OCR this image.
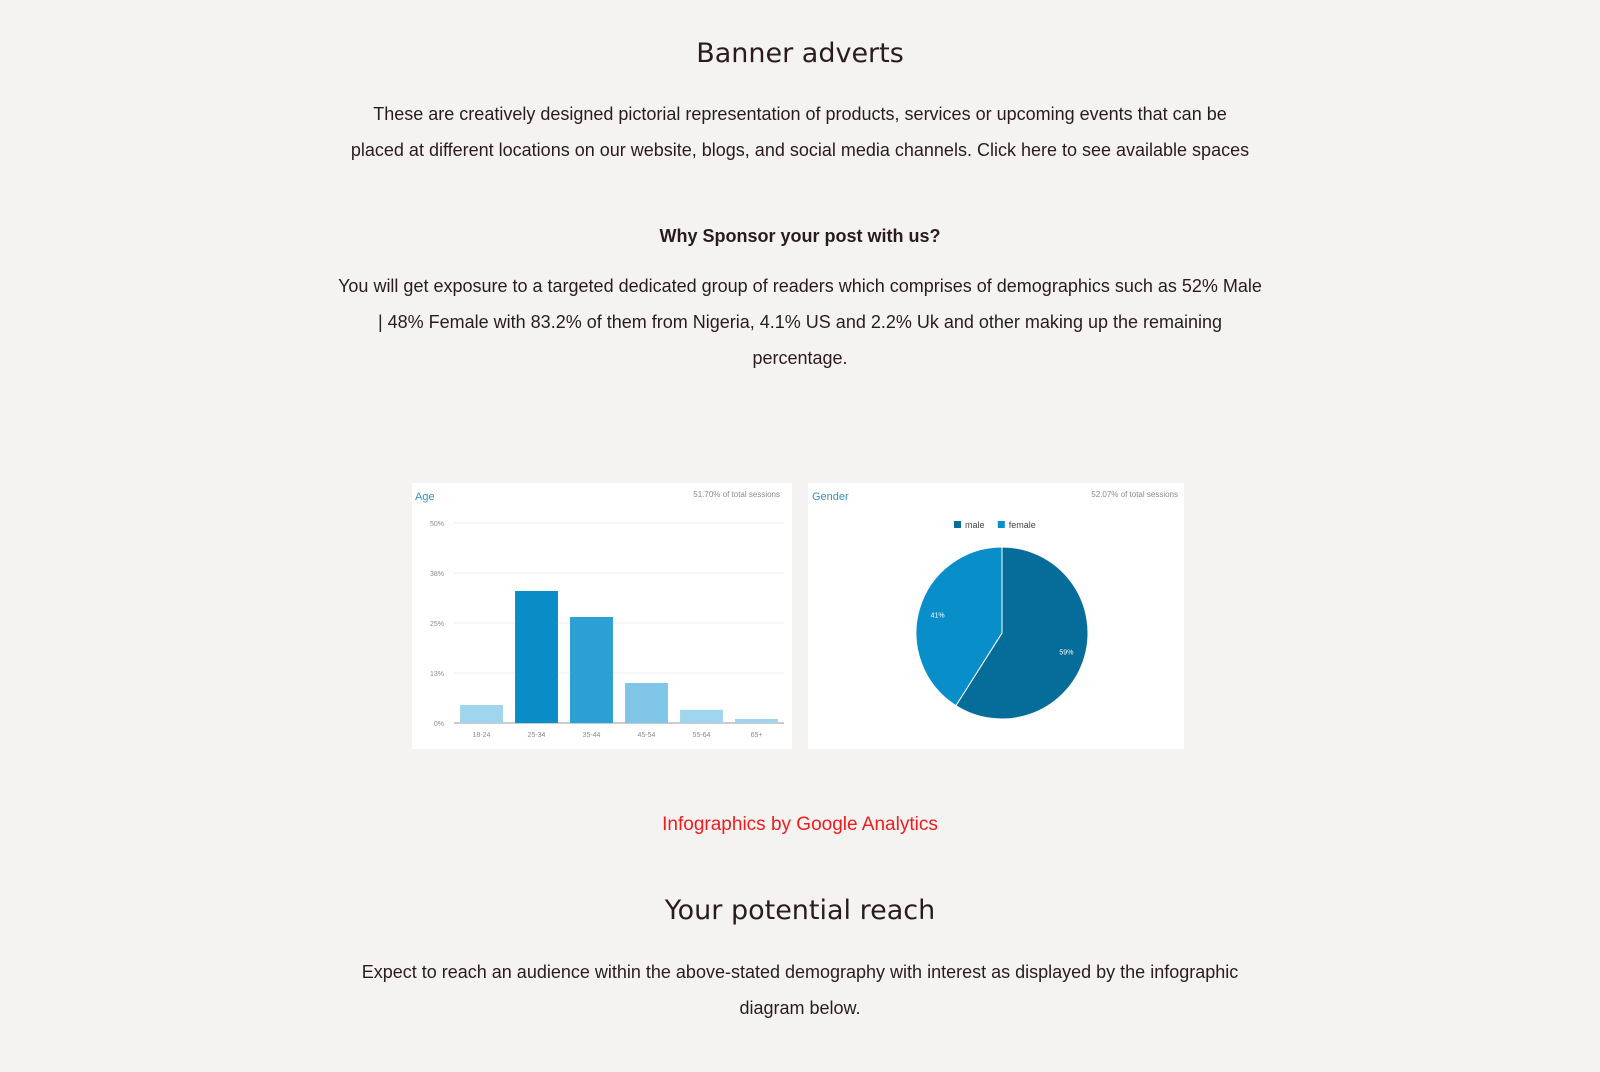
Banner adverts

These are creatively designed pictorial representation of products, services or upcoming events that can be placed at different locations on our website, blogs, and social media channels. Click here to see available spaces

Why Sponsor your post with us?

You will get exposure to a targeted dedicated group of readers which comprises of demographics such as 52% Male | 48% Female with 83.2% of them from Nigeria, 4.1% US and 2.2% Uk and other making up the remaining percentage.

Age	51.70% of total sessions
0%
13%
25%
38%
50%
18-24	25-34	35-44	45-54	55-64	65+
Gender	52.07% of total sessions
male	female
59%
41%
Infographics by Google Analytics
Your potential reach

Expect to reach an audience within the above-stated demography with interest as displayed by the infographic diagram below.
